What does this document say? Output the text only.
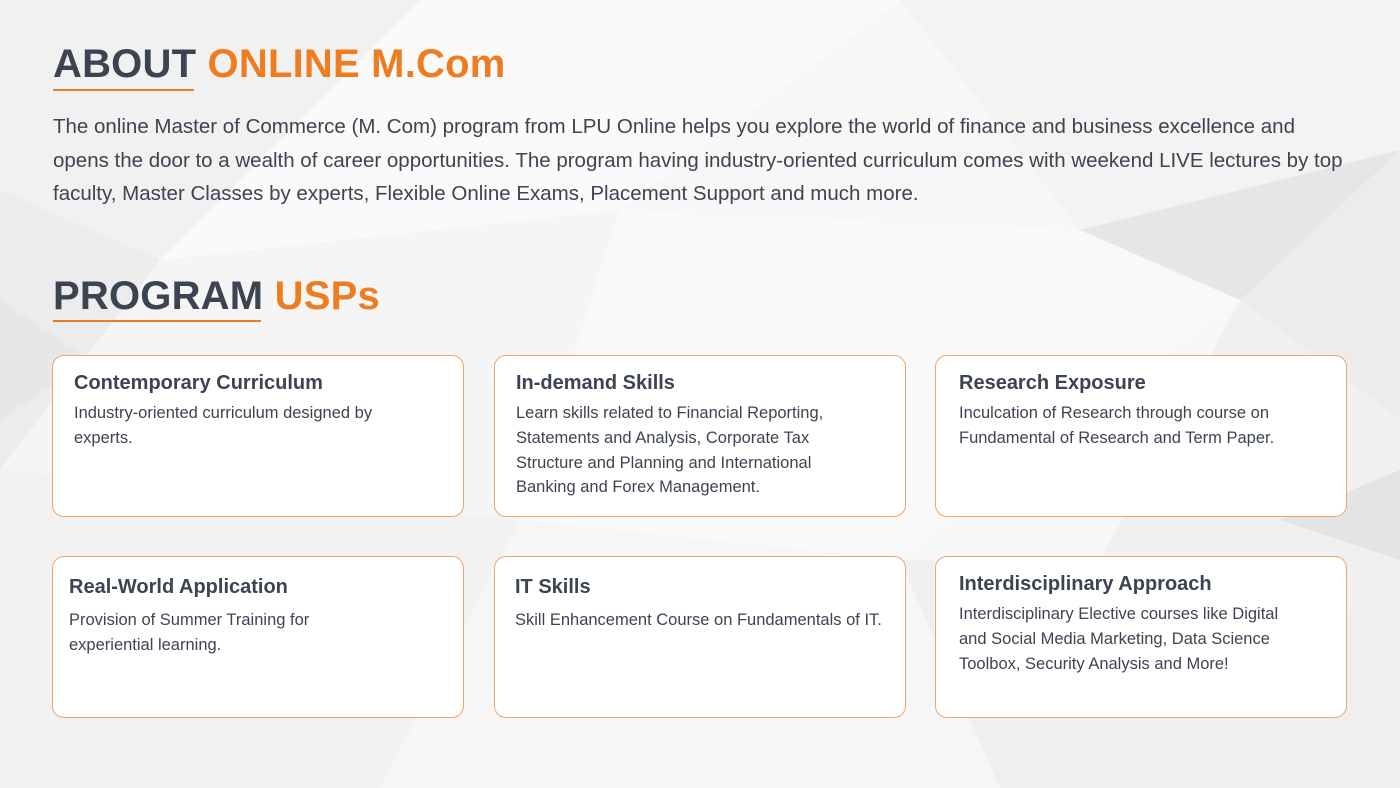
ABOUT ONLINE M.Com

The online Master of Commerce (M. Com) program from LPU Online helps you explore the world of finance and business excellence and opens the door to a wealth of career opportunities. The program having industry-oriented curriculum comes with weekend LIVE lectures by top faculty, Master Classes by experts, Flexible Online Exams, Placement Support and much more.

PROGRAM USPs
Contemporary Curriculum

Industry-oriented curriculum designed by experts.

In-demand Skills

Learn skills related to Financial Reporting, Statements and Analysis, Corporate Tax Structure and Planning and International Banking and Forex Management.

Research Exposure

Inculcation of Research through course on Fundamental of Research and Term Paper.

Real-World Application

Provision of Summer Training for experiential learning.

IT Skills

Skill Enhancement Course on Fundamentals of IT.

Interdisciplinary Approach

Interdisciplinary Elective courses like Digital and Social Media Marketing, Data Science Toolbox, Security Analysis and More!
